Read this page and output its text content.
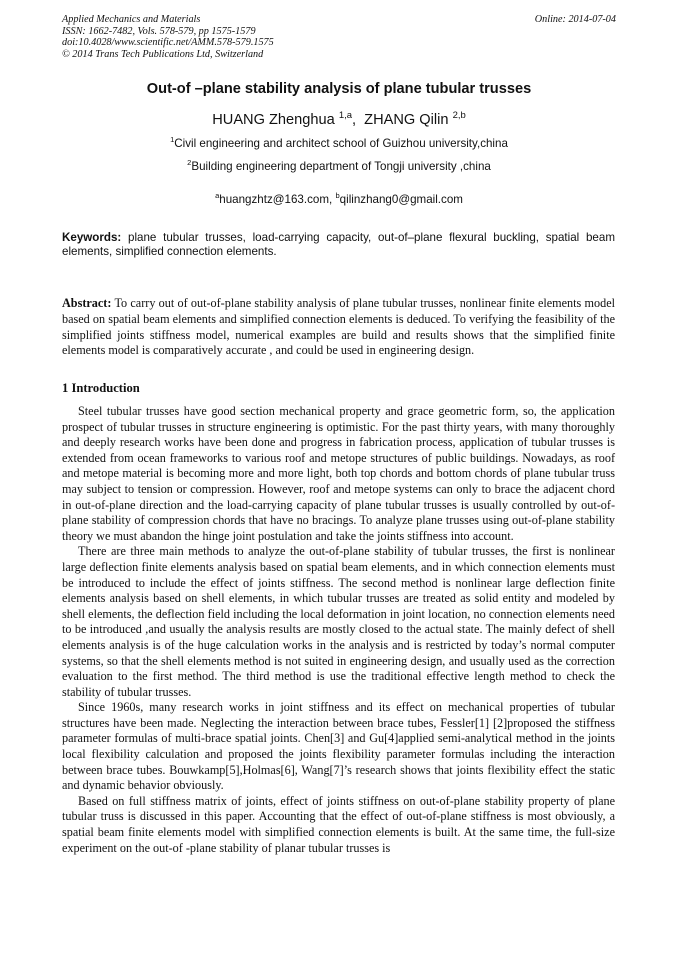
Applied Mechanics and Materials
ISSN: 1662-7482, Vols. 578-579, pp 1575-1579
doi:10.4028/www.scientific.net/AMM.578-579.1575
© 2014 Trans Tech Publications Ltd, Switzerland
Online: 2014-07-04
Out-of –plane stability analysis of plane tubular trusses
HUANG Zhenghua $^{1,a}$,  ZHANG Qilin $^{2,b}$
$^1$Civil engineering and architect school of Guizhou university,china
$^2$Building engineering department of Tongji university ,china
$^a$huangzhtz@163.com, $^b$qilinzhang0@gmail.com
Keywords: plane tubular trusses, load-carrying capacity, out-of–plane flexural buckling, spatial beam elements, simplified connection elements.
Abstract: To carry out of out-of-plane stability analysis of plane tubular trusses, nonlinear finite elements model based on spatial beam elements and simplified connection elements is deduced. To verifying the feasibility of the simplified joints stiffness model, numerical examples are build and results shows that the simplified finite elements model is comparatively accurate , and could be used in engineering design.
1 Introduction

Steel tubular trusses have good section mechanical property and grace geometric form, so, the application prospect of tubular trusses in structure engineering is optimistic. For the past thirty years, with many thoroughly and deeply research works have been done and progress in fabrication process, application of tubular trusses is extended from ocean frameworks to various roof and metope structures of public buildings. Nowadays, as roof and metope material is becoming more and more light, both top chords and bottom chords of plane tubular truss may subject to tension or compression. However, roof and metope systems can only to brace the adjacent chord in out-of-plane direction and the load-carrying capacity of plane tubular trusses is usually controlled by out-of-plane stability of compression chords that have no bracings. To analyze plane trusses using out-of-plane stability theory we must abandon the hinge joint postulation and take the joints stiffness into account.

There are three main methods to analyze the out-of-plane stability of tubular trusses, the first is nonlinear large deflection finite elements analysis based on spatial beam elements, and in which connection elements must be introduced to include the effect of joints stiffness. The second method is nonlinear large deflection finite elements analysis based on shell elements, in which tubular trusses are treated as solid entity and modeled by shell elements, the deflection field including the local deformation in joint location, no connection elements need to be introduced ,and usually the analysis results are mostly closed to the actual state. The mainly defect of shell elements analysis is of the huge calculation works in the analysis and is restricted by today’s normal computer systems, so that the shell elements method is not suited in engineering design, and usually used as the correction evaluation to the first method. The third method is use the traditional effective length method to check the stability of tubular trusses.

Since 1960s, many research works in joint stiffness and its effect on mechanical properties of tubular structures have been made. Neglecting the interaction between brace tubes, Fessler[1] [2]proposed the stiffness parameter formulas of multi-brace spatial joints. Chen[3] and Gu[4]applied semi-analytical method in the joints local flexibility calculation and proposed the joints flexibility parameter formulas including the interaction between brace tubes. Bouwkamp[5],Holmas[6], Wang[7]’s research shows that joints flexibility effect the static and dynamic behavior obviously.

Based on full stiffness matrix of joints, effect of joints stiffness on out-of-plane stability property of plane tubular truss is discussed in this paper. Accounting that the effect of out-of-plane stiffness is most obviously, a spatial beam finite elements model with simplified connection elements is built. At the same time, the full-size experiment on the out-of -plane stability of planar tubular trusses is
